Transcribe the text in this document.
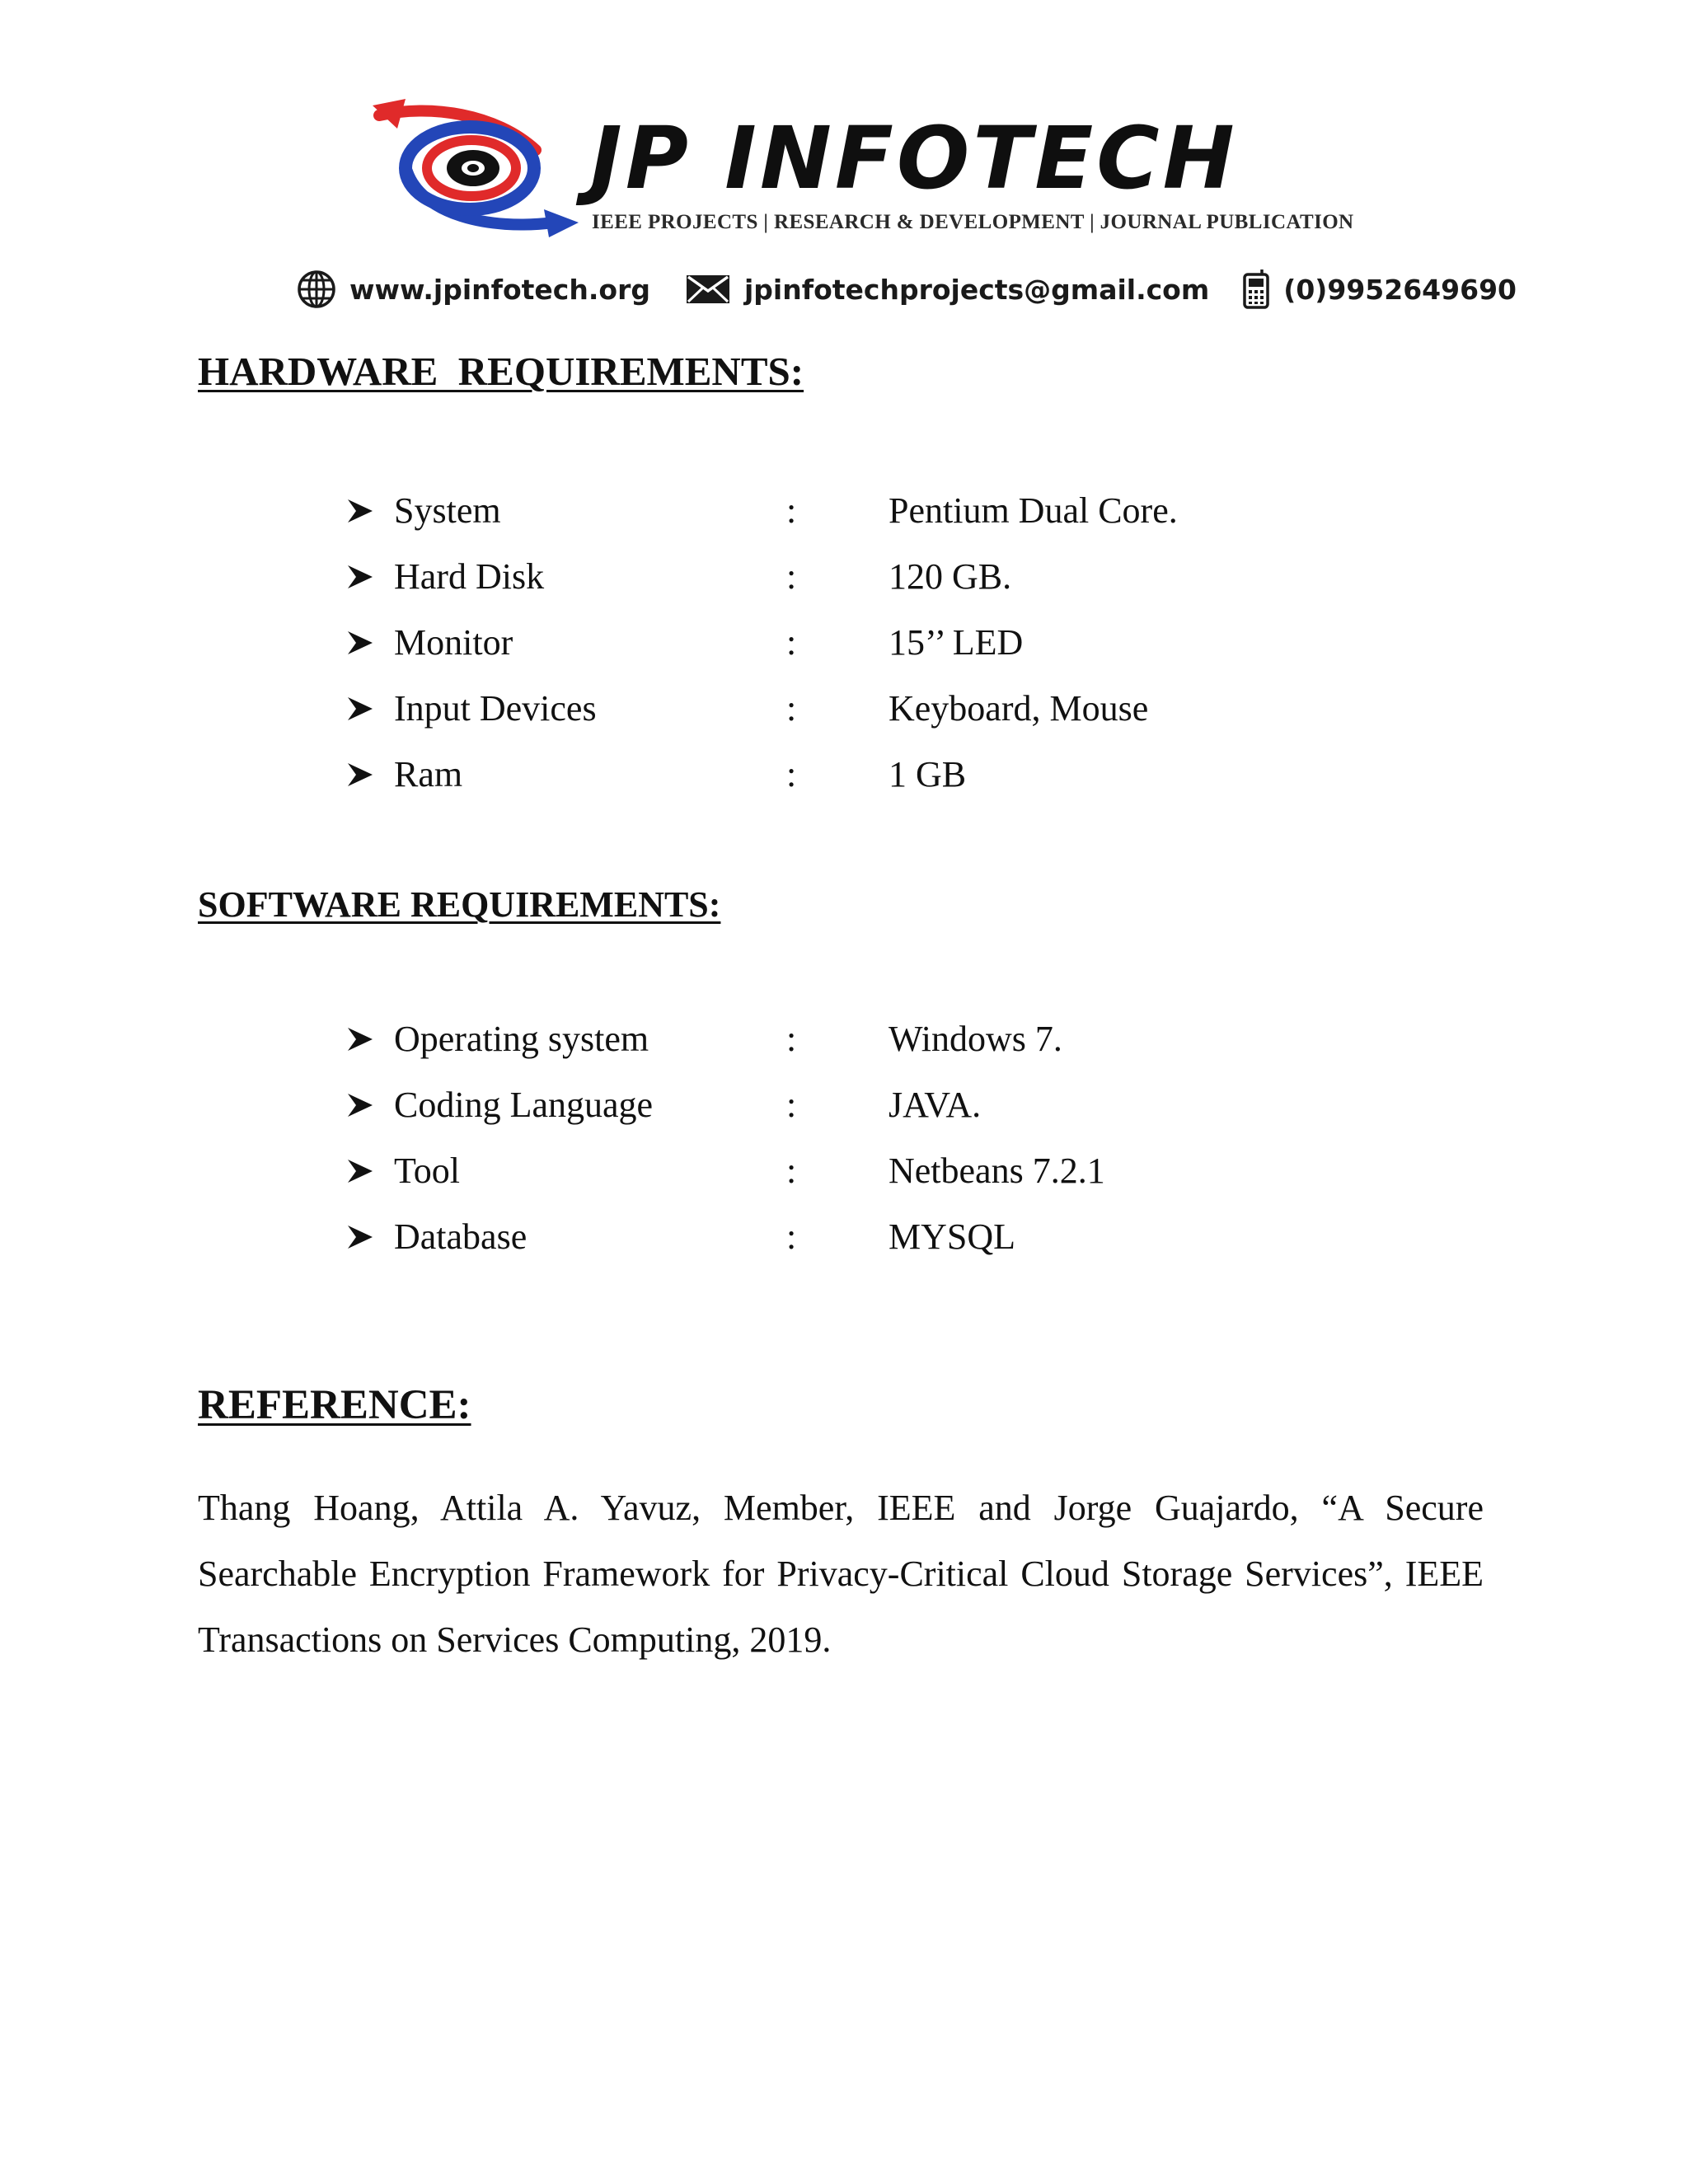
JP INFOTECH
IEEE PROJECTS | RESEARCH & DEVELOPMENT | JOURNAL PUBLICATION
www.jpinfotech.org	jpinfotechprojects@gmail.com	(0)9952649690
HARDWARE  REQUIREMENTS:
System	:	Pentium Dual Core.
Hard Disk	:	120 GB.
Monitor	:	15’’ LED
Input Devices	:	Keyboard, Mouse
Ram	:	1 GB
SOFTWARE REQUIREMENTS:
Operating system	:	Windows 7.
Coding Language	:	JAVA.
Tool	:	Netbeans 7.2.1
Database	:	MYSQL
REFERENCE:

Thang Hoang, Attila A. Yavuz, Member, IEEE and Jorge Guajardo, “A Secure Searchable Encryption Framework for Privacy-Critical Cloud Storage Services”, IEEE Transactions on Services Computing, 2019.
